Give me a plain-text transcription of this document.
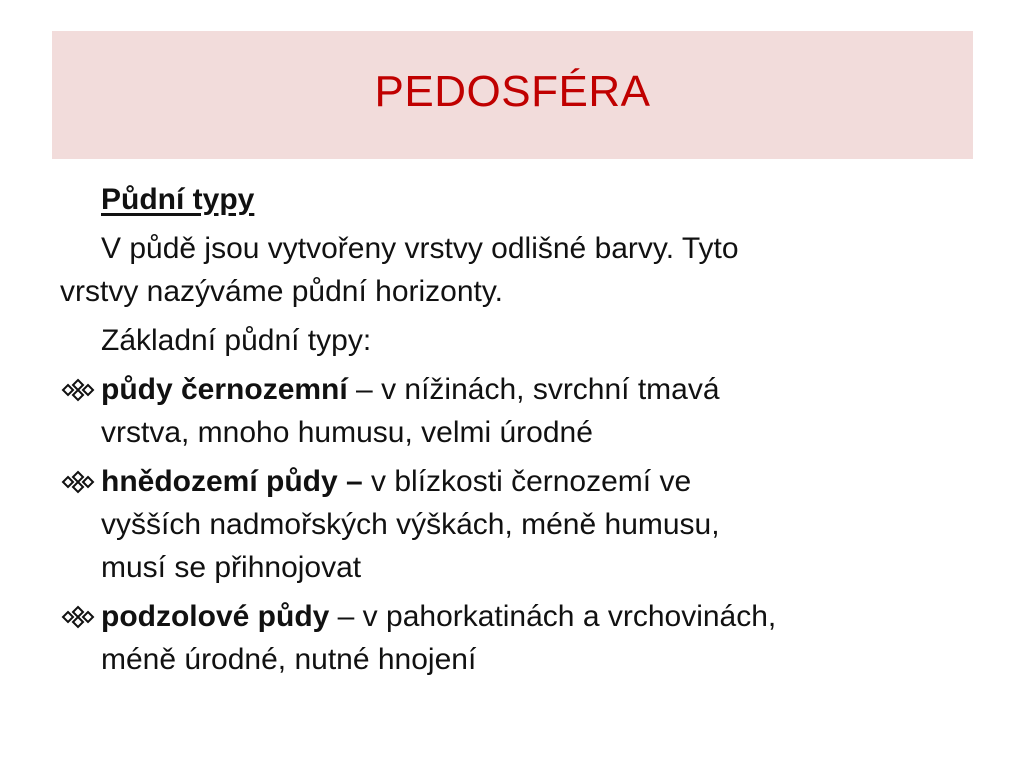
PEDOSFÉRA
Půdní typy
V půdě jsou vytvořeny vrstvy odlišné barvy. Tyto
vrstvy nazýváme půdní horizonty.
Základní půdní typy:
půdy černozemní – v nížinách, svrchní tmavá
vrstva, mnoho humusu, velmi úrodné
hnědozemí půdy – v blízkosti černozemí ve
vyšších nadmořských výškách, méně humusu,
musí se přihnojovat
podzolové půdy – v pahorkatinách a vrchovinách,
méně úrodné, nutné hnojení
